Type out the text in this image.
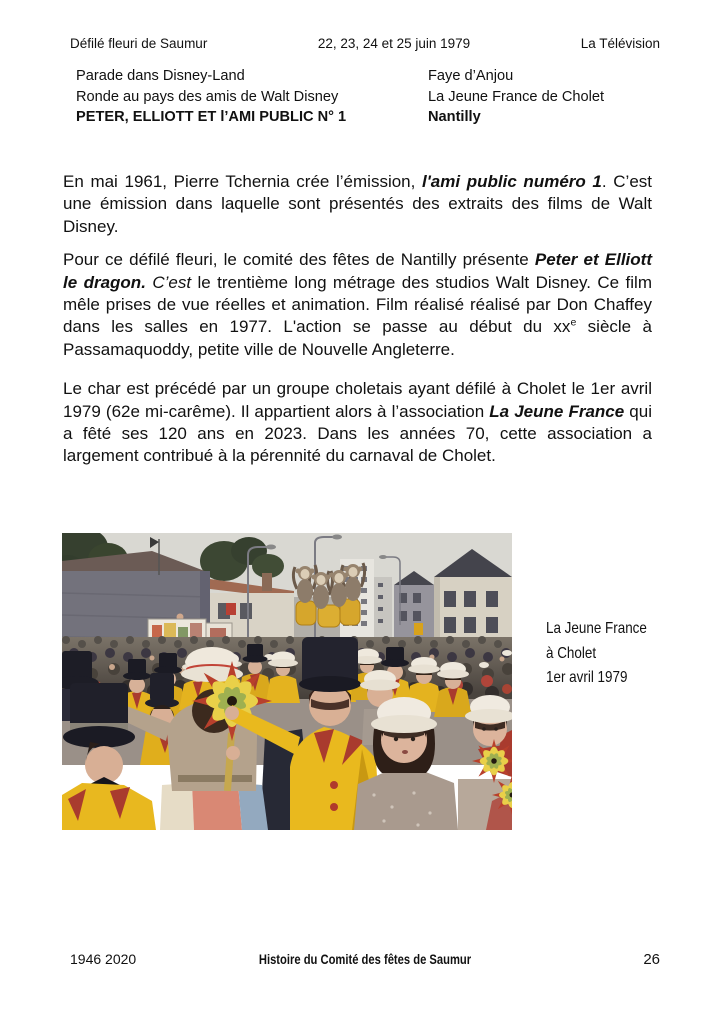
Défilé fleuri de Saumur	22, 23, 24 et 25 juin 1979	La Télévision
Parade dans Disney-Land
Ronde au pays des amis de Walt Disney
PETER, ELLIOTT ET l’AMI PUBLIC N° 1
Faye d’Anjou
La Jeune France de Cholet
Nantilly

En mai 1961, Pierre Tchernia crée l’émission, l'ami public numéro 1. C’est une émission dans laquelle sont présentés des extraits des films de Walt Disney.

Pour ce défilé fleuri, le comité des fêtes de Nantilly présente Peter et Elliott le dragon. C’est le trentième long métrage des studios Walt Disney. Ce film mêle prises de vue réelles et animation. Film réalisé réalisé par Don Chaffey dans les salles en 1977. L'action se passe au début du $xx^e$ siècle à Passamaquoddy, petite ville de Nouvelle Angleterre.

Le char est précédé par un groupe choletais ayant défilé à Cholet le 1er avril 1979 (62e mi-carême). Il appartient alors à l’association La Jeune France qui a fêté ses 120 ans en 2023. Dans les années 70, cette association a largement contribué à la pérennité du carnaval de Cholet.

La Jeune France
à Cholet
1er avril 1979
1946 2020	Histoire du Comité des fêtes de Saumur	26
